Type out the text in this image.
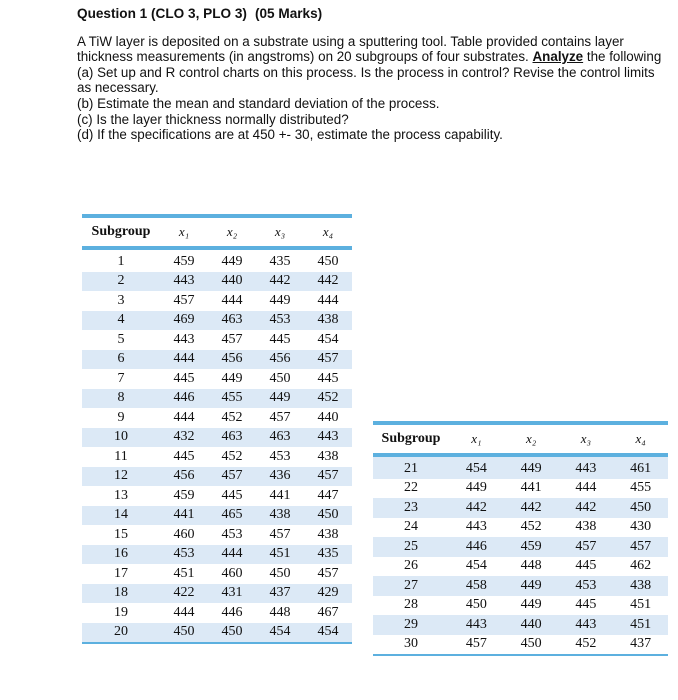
Question 1 (CLO 3, PLO 3) (05 Marks)

A TiW layer is deposited on a substrate using a sputtering tool. Table provided contains layer thickness measurements (in angstroms) on 20 subgroups of four substrates. Analyze the following

(a) Set up and R control charts on this process. Is the process in control? Revise the control limits as necessary.

(b) Estimate the mean and standard deviation of the process.

(c) Is the layer thickness normally distributed?

(d) If the specifications are at 450 +- 30, estimate the process capability.

Subgroup	x₁	x₂	x₃	x₄
1	459	449	435	450
2	443	440	442	442
3	457	444	449	444
4	469	463	453	438
5	443	457	445	454
6	444	456	456	457
7	445	449	450	445
8	446	455	449	452
9	444	452	457	440
10	432	463	463	443
11	445	452	453	438
12	456	457	436	457
13	459	445	441	447
14	441	465	438	450
15	460	453	457	438
16	453	444	451	435
17	451	460	450	457
18	422	431	437	429
19	444	446	448	467
20	450	450	454	454
Subgroup	x₁	x₂	x₃	x₄
21	454	449	443	461
22	449	441	444	455
23	442	442	442	450
24	443	452	438	430
25	446	459	457	457
26	454	448	445	462
27	458	449	453	438
28	450	449	445	451
29	443	440	443	451
30	457	450	452	437
